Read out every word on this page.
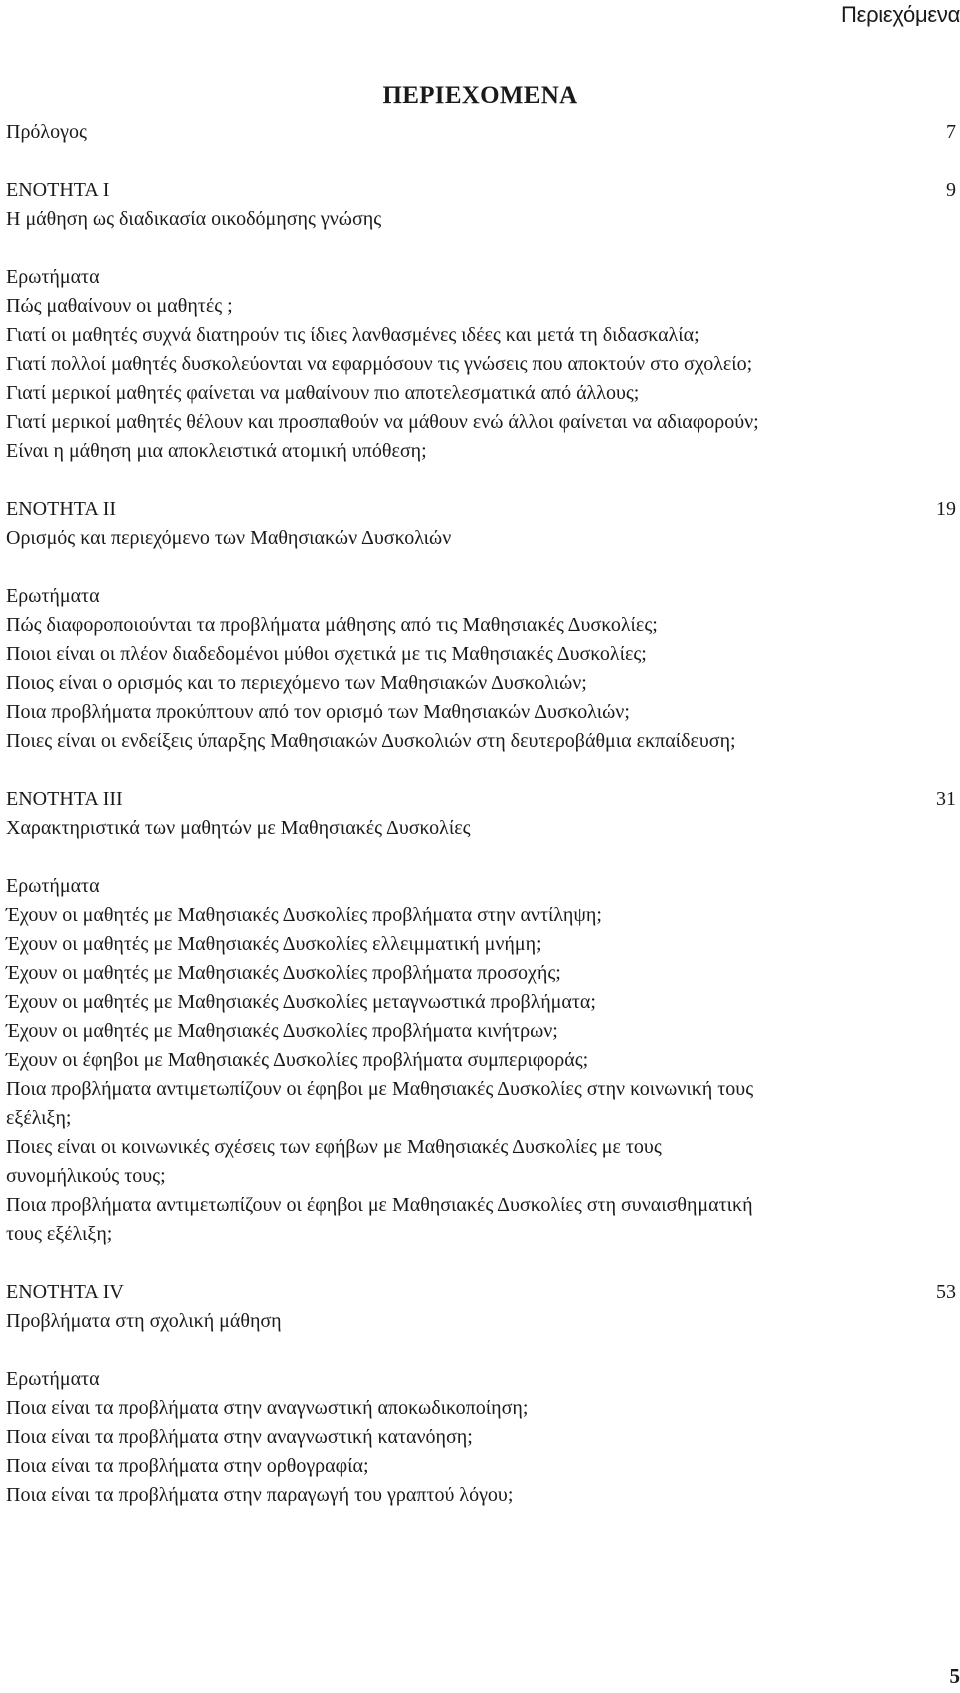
Περιεχόμενα
ΠΕΡΙΕΧΟΜΕΝΑ
Πρόλογος	7
ΕΝΟΤΗΤΑ I	9
Η μάθηση ως διαδικασία οικοδόμησης γνώσης
Ερωτήματα
Πώς μαθαίνουν οι μαθητές ;
Γιατί οι μαθητές συχνά διατηρούν τις ίδιες λανθασμένες ιδέες και μετά τη διδασκαλία;
Γιατί πολλοί μαθητές δυσκολεύονται να εφαρμόσουν τις γνώσεις που αποκτούν στο σχολείο;
Γιατί μερικοί μαθητές φαίνεται να μαθαίνουν πιο αποτελεσματικά από άλλους;
Γιατί μερικοί μαθητές θέλουν και προσπαθούν να μάθουν ενώ άλλοι φαίνεται να αδιαφορούν;
Είναι η μάθηση μια αποκλειστικά ατομική υπόθεση;
ΕΝΟΤΗΤΑ II	19
Ορισμός και περιεχόμενο των Μαθησιακών Δυσκολιών
Ερωτήματα
Πώς διαφοροποιούνται τα προβλήματα μάθησης από τις Μαθησιακές Δυσκολίες;
Ποιοι είναι οι πλέον διαδεδομένοι μύθοι σχετικά με τις Μαθησιακές Δυσκολίες;
Ποιος είναι ο ορισμός και το περιεχόμενο των Μαθησιακών Δυσκολιών;
Ποια προβλήματα προκύπτουν από τον ορισμό των Μαθησιακών Δυσκολιών;
Ποιες είναι οι ενδείξεις ύπαρξης Μαθησιακών Δυσκολιών στη δευτεροβάθμια εκπαίδευση;
ΕΝΟΤΗΤΑ III	31
Χαρακτηριστικά των μαθητών με Μαθησιακές Δυσκολίες
Ερωτήματα
Έχουν οι μαθητές με Μαθησιακές Δυσκολίες προβλήματα στην αντίληψη;
Έχουν οι μαθητές με Μαθησιακές Δυσκολίες ελλειμματική μνήμη;
Έχουν οι μαθητές με Μαθησιακές Δυσκολίες προβλήματα προσοχής;
Έχουν οι μαθητές με Μαθησιακές Δυσκολίες μεταγνωστικά προβλήματα;
Έχουν οι μαθητές με Μαθησιακές Δυσκολίες προβλήματα κινήτρων;
Έχουν οι έφηβοι με Μαθησιακές Δυσκολίες προβλήματα συμπεριφοράς;
Ποια προβλήματα αντιμετωπίζουν οι έφηβοι με Μαθησιακές Δυσκολίες στην κοινωνική τους
εξέλιξη;
Ποιες είναι οι κοινωνικές σχέσεις των εφήβων με Μαθησιακές Δυσκολίες με τους
συνομήλικούς τους;
Ποια προβλήματα αντιμετωπίζουν οι έφηβοι με Μαθησιακές Δυσκολίες στη συναισθηματική
τους εξέλιξη;
ΕΝΟΤΗΤΑ IV	53
Προβλήματα στη σχολική μάθηση
Ερωτήματα
Ποια είναι τα προβλήματα στην αναγνωστική αποκωδικοποίηση;
Ποια είναι τα προβλήματα στην αναγνωστική κατανόηση;
Ποια είναι τα προβλήματα στην ορθογραφία;
Ποια είναι τα προβλήματα στην παραγωγή του γραπτού λόγου;
5
